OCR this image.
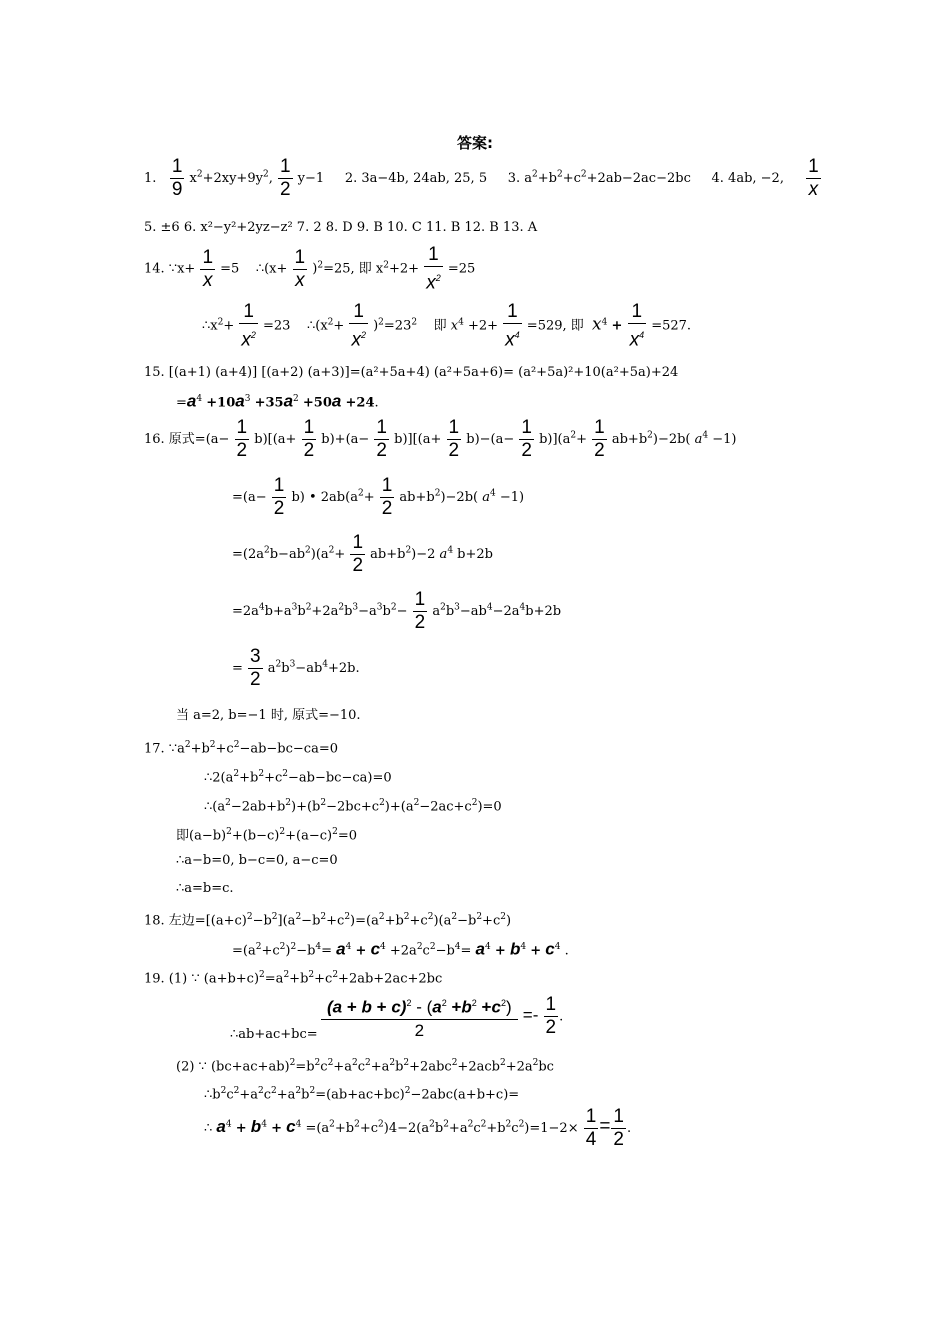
答案:
1. $\frac{1}{9} x^2+2xy+9y^2$, $\frac{1}{2} y-1$     2. 3a−4b, 24ab, 25, 5     3. $a^2+b^2+c^2+2ab-2ac-2bc$     4. 4ab, −2, $\frac{1}{x}$
5. ±6 6. x²−y²+2yz−z² 7. 2 8. D 9. B 10. C 11. B 12. B 13. A
14. ∵x+ $\frac{1}{x} =5$    ∴(x+ $\frac{1}{x} )^2=25$, 即 $x^2+2+ \frac{1}{x^2} =25$
$\therefore x^2+ \frac{1}{x^2} =23$    $\therefore(x^2+ \frac{1}{x^2} )^2=23^2$    即 $x^4 +2+ \frac{1}{x^4} =529$, 即  $x^4 + \frac{1}{x^4} =527$.
15. [(a+1) (a+4)] [(a+2) (a+3)]=(a²+5a+4) (a²+5a+6)= (a²+5a)²+10(a²+5a)+24
$=a^4 +10a^3 +35a^2 +50a +24$.
16. 原式$=(a- \frac{1}{2} b)[(a+ \frac{1}{2} b)+(a- \frac{1}{2} b)][(a+ \frac{1}{2} b)-(a- \frac{1}{2} b)](a^2+ \frac{1}{2} ab+b^2)-2b$( $a^4 -1$)
$=(a- \frac{1}{2} b)$ • $2ab(a^2+ \frac{1}{2} ab+b^2)-2b$( $a^4 -1$)
$=(2a^2b-ab^2)(a^2+ \frac{1}{2} ab+b^2)-2$ $a^4$ b+2b
$=2a^4b+a^3b^2+2a^2b^3-a^3b^2- \frac{1}{2} a^2b^3-ab^4-2a^4b+2b$
= $\frac{3}{2} a^2b^3-ab^4+2b$.
当 a=2, b=−1 时, 原式=−10.
17. $\because a^2+b^2+c^2-ab-bc-ca=0$
$\therefore 2(a^2+b^2+c^2-ab-bc-ca)=0$
$\therefore(a^2-2ab+b^2)+(b^2-2bc+c^2)+(a^2-2ac+c^2)=0$
即$(a-b)^2+(b-c)^2+(a-c)^2=0$
∴a−b=0, b−c=0, a−c=0
∴a=b=c.
18. 左边$=[(a+c)^2-b^2](a^2-b^2+c^2)=(a^2+b^2+c^2)(a^2-b^2+c^2)$
$=(a^2+c^2)^2-b^4= a^4 + c^4 +2a^2c^2-b^4= a^4 + b^4 + c^4$ .
19. (1) ∵ $(a+b+c)^2=a^2+b^2+c^2+2ab+2ac+2bc$
∴ab+ac+bc= $\frac{(a + b + c)^2 - (a^2 +b^2 +c^2)}{2} =- \frac{1}{2}$ .
(2) ∵ $(bc+ac+ab)^2=b^2c^2+a^2c^2+a^2b^2+2abc^2+2acb^2+2a^2bc$
$\therefore b^2c^2+a^2c^2+a^2b^2=(ab+ac+bc)^2-2abc(a+b+c)=$
∴ $a^4 + b^4 + c^4 =(a^2+b^2+c^2)4-2(a^2b^2+a^2c^2+b^2c^2)=1-2\times \frac{1}{4} = \frac{1}{2}$ .
